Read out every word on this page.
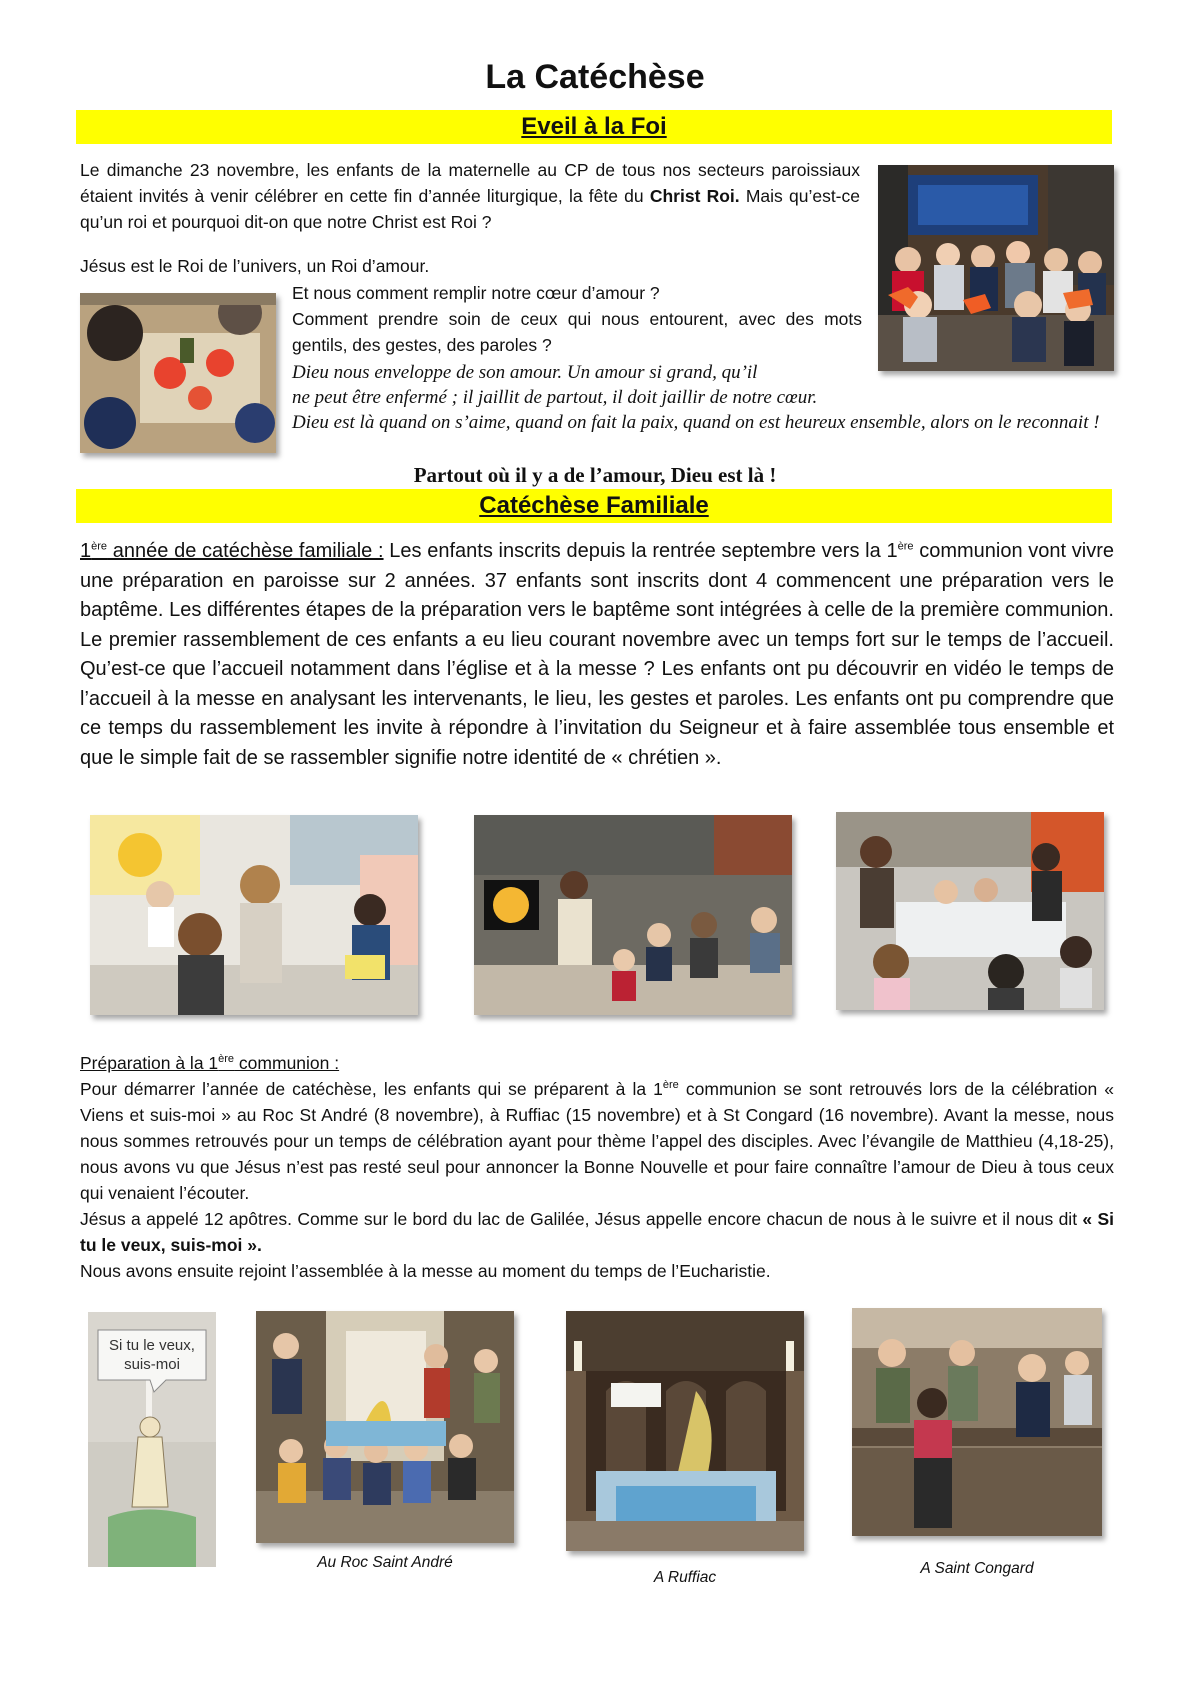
La Catéchèse
Eveil à la Foi
Le dimanche 23 novembre, les enfants de la maternelle au CP de tous nos secteurs paroissiaux étaient invités à venir célébrer en cette fin d’année liturgique, la fête du Christ Roi. Mais qu’est-ce qu’un roi et pourquoi dit-on que notre Christ est Roi ?
Jésus est le Roi de l’univers, un Roi d’amour.
Et nous comment remplir notre cœur d’amour ?
Comment prendre soin de ceux qui nous entourent, avec des mots gentils, des gestes, des paroles ?
Dieu nous enveloppe de son amour. Un amour si grand, qu’il
ne peut être enfermé ; il jaillit de partout, il doit jaillir de notre cœur.
Dieu est là quand on s’aime, quand on fait la paix, quand on est heureux ensemble, alors on le reconnait !
Partout où il y a de l’amour, Dieu est là !
Catéchèse Familiale
1ère année de catéchèse familiale : Les enfants inscrits depuis la rentrée septembre vers la 1ère communion vont vivre une préparation en paroisse sur 2 années. 37 enfants sont inscrits dont 4 commencent une préparation vers le baptême. Les différentes étapes de la préparation vers le baptême sont intégrées à celle de la première communion. Le premier rassemblement de ces enfants a eu lieu courant novembre avec un temps fort sur le temps de l’accueil. Qu’est-ce que l’accueil notamment dans l’église et à la messe ? Les enfants ont pu découvrir en vidéo le temps de l’accueil à la messe en analysant les intervenants, le lieu, les gestes et paroles. Les enfants ont pu comprendre que ce temps du rassemblement les invite à répondre à l’invitation du Seigneur et à faire assemblée tous ensemble et que le simple fait de se rassembler signifie notre identité de « chrétien ».
Préparation à la 1ère communion :
Pour démarrer l’année de catéchèse, les enfants qui se préparent à la 1ère communion se sont retrouvés lors de la célébration « Viens et suis-moi » au Roc St André (8 novembre), à Ruffiac (15 novembre) et à St Congard (16 novembre). Avant la messe, nous nous sommes retrouvés pour un temps de célébration ayant pour thème l’appel des disciples. Avec l’évangile de Matthieu (4,18-25), nous avons vu que Jésus n’est pas resté seul pour annoncer la Bonne Nouvelle et pour faire connaître l’amour de Dieu à tous ceux qui venaient l’écouter.
Jésus a appelé 12 apôtres. Comme sur le bord du lac de Galilée, Jésus appelle encore chacun de nous à le suivre et il nous dit « Si tu le veux, suis-moi ».
Nous avons ensuite rejoint l’assemblée à la messe au moment du temps de l’Eucharistie.
Si tu le veux,
suis-moi
Au Roc Saint André
A Ruffiac
A Saint Congard
